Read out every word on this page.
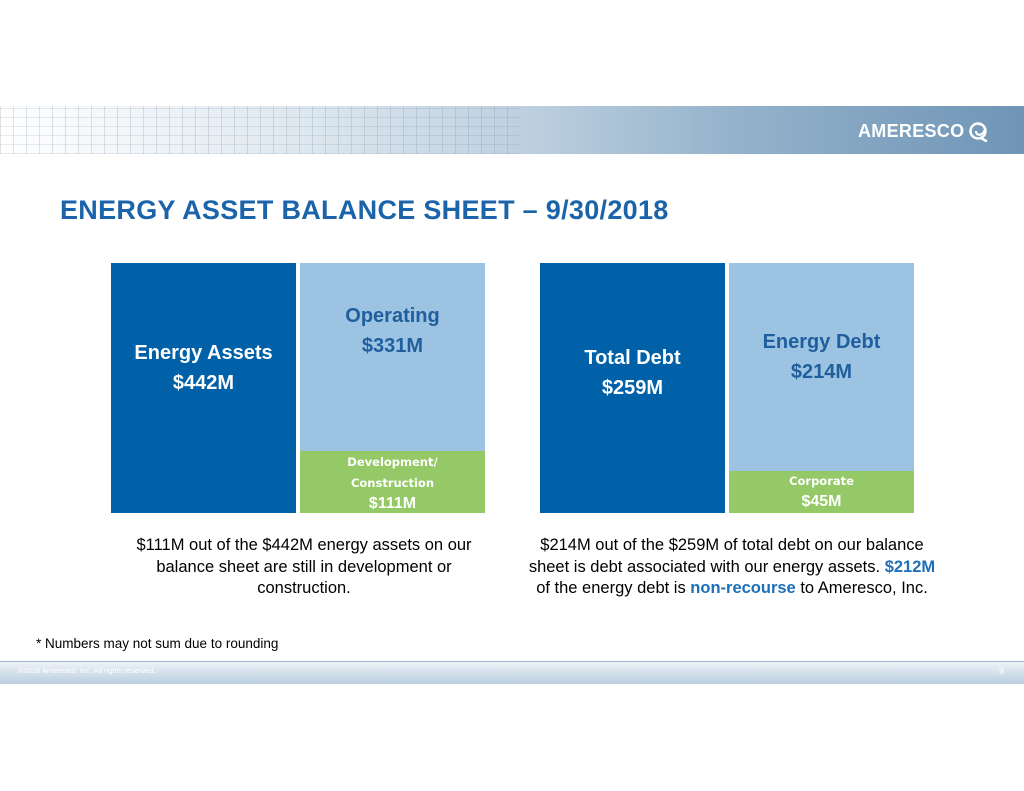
AMERESCO
ENERGY ASSET BALANCE SHEET – 9/30/2018
Energy Assets
$442M
Operating
$331M
Development/
Construction
$111M
Total Debt
$259M
Energy Debt
$214M
Corporate
$45M
$111M out of the $442M energy assets on our balance sheet are still in development or construction.
$214M out of the $259M of total debt on our balance sheet is debt associated with our energy assets. $212M of the energy debt is non-recourse to Ameresco, Inc.
* Numbers may not sum due to rounding
©2018 Ameresco, Inc. All rights reserved.	9
